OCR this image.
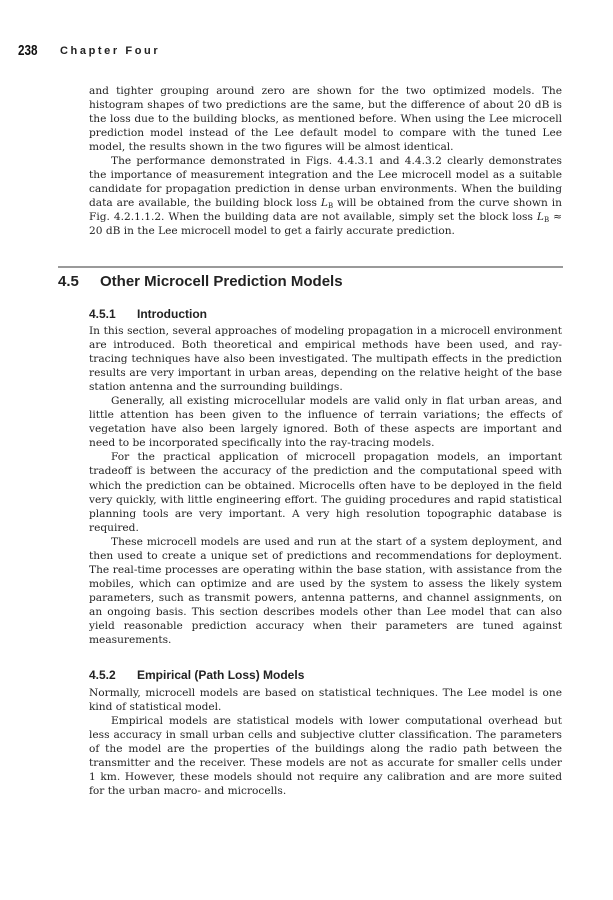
238 Chapter Four

and tighter grouping around zero are shown for the two optimized models. The histogram shapes of two predictions are the same, but the difference of about 20 dB is the loss due to the building blocks, as mentioned before. When using the Lee microcell prediction model instead of the Lee default model to compare with the tuned Lee model, the results shown in the two figures will be almost identical.

The performance demonstrated in Figs. 4.4.3.1 and 4.4.3.2 clearly demonstrates the importance of measurement integration and the Lee microcell model as a suitable candidate for propagation prediction in dense urban environments. When the building data are available, the building block loss $L_B$ will be obtained from the curve shown in Fig. 4.2.1.1.2. When the building data are not available, simply set the block loss $L_B \approx 20$ dB in the Lee microcell model to get a fairly accurate prediction.

4.5 Other Microcell Prediction Models
4.5.1 Introduction

In this section, several approaches of modeling propagation in a microcell environment are introduced. Both theoretical and empirical methods have been used, and ray-tracing techniques have also been investigated. The multipath effects in the prediction results are very important in urban areas, depending on the relative height of the base station antenna and the surrounding buildings.

Generally, all existing microcellular models are valid only in flat urban areas, and little attention has been given to the influence of terrain variations; the effects of vegetation have also been largely ignored. Both of these aspects are important and need to be incorporated specifically into the ray-tracing models.

For the practical application of microcell propagation models, an important tradeoff is between the accuracy of the prediction and the computational speed with which the prediction can be obtained. Microcells often have to be deployed in the field very quickly, with little engineering effort. The guiding procedures and rapid statistical planning tools are very important. A very high resolution topographic database is required.

These microcell models are used and run at the start of a system deployment, and then used to create a unique set of predictions and recommendations for deployment. The real-time processes are operating within the base station, with assistance from the mobiles, which can optimize and are used by the system to assess the likely system parameters, such as transmit powers, antenna patterns, and channel assignments, on an ongoing basis. This section describes models other than Lee model that can also yield reasonable prediction accuracy when their parameters are tuned against measurements.

4.5.2 Empirical (Path Loss) Models

Normally, microcell models are based on statistical techniques. The Lee model is one kind of statistical model.

Empirical models are statistical models with lower computational overhead but less accuracy in small urban cells and subjective clutter classification. The parameters of the model are the properties of the buildings along the radio path between the transmitter and the receiver. These models are not as accurate for smaller cells under 1 km. However, these models should not require any calibration and are more suited for the urban macro- and microcells.
